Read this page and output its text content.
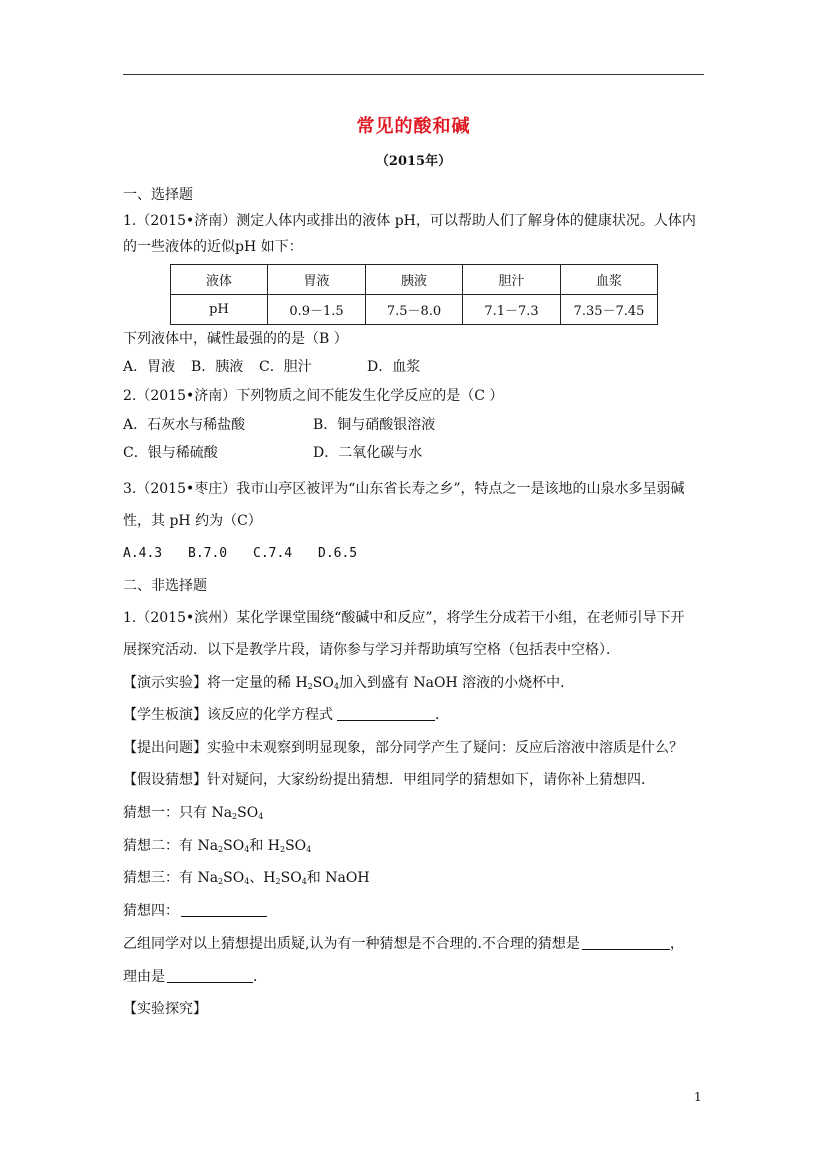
常见的酸和碱
（2015年）
一、选择题
1.（2015•济南）测定人体内或排出的液体 pH，可以帮助人们了解身体的健康状况。人体内
的一些液体的近似pH 如下：
液体	胃液	胰液	胆汁	血浆
pH	0.9－1.5	7.5－8.0	7.1－7.3	7.35－7.45
下列液体中，碱性最强的的是（B ）
A．胃液 B．胰液 C．胆汁	D．血浆
2.（2015•济南）下列物质之间不能发生化学反应的是（C ）
A．石灰水与稀盐酸	B．铜与硝酸银溶液
C．银与稀硫酸	D．二氧化碳与水
3.（2015•枣庄）我市山亭区被评为“山东省长寿之乡”，特点之一是该地的山泉水多呈弱碱
性，其 pH 约为（C）
A.4.3 B.7.0 C.7.4 D.6.5
二、非选择题
1.（2015•滨州）某化学课堂围绕“酸碱中和反应”，将学生分成若干小组，在老师引导下开
展探究活动．以下是教学片段，请你参与学习并帮助填写空格（包括表中空格）．
【演示实验】将一定量的稀 $H_2SO_4$加入到盛有 NaOH 溶液的小烧杯中．
【学生板演】该反应的化学方程式	．
【提出问题】实验中未观察到明显现象，部分同学产生了疑问：反应后溶液中溶质是什么？
【假设猜想】针对疑问，大家纷纷提出猜想．甲组同学的猜想如下，请你补上猜想四．
猜想一：只有 $Na_2SO_4$
猜想二：有 $Na_2SO_4$和 $H_2SO_4$
猜想三：有 $Na_2SO_4$、$H_2SO_4$和 NaOH
猜想四：
乙组同学对以上猜想提出质疑,认为有一种猜想是不合理的.不合理的猜想是	，
理由是	．
【实验探究】
1
